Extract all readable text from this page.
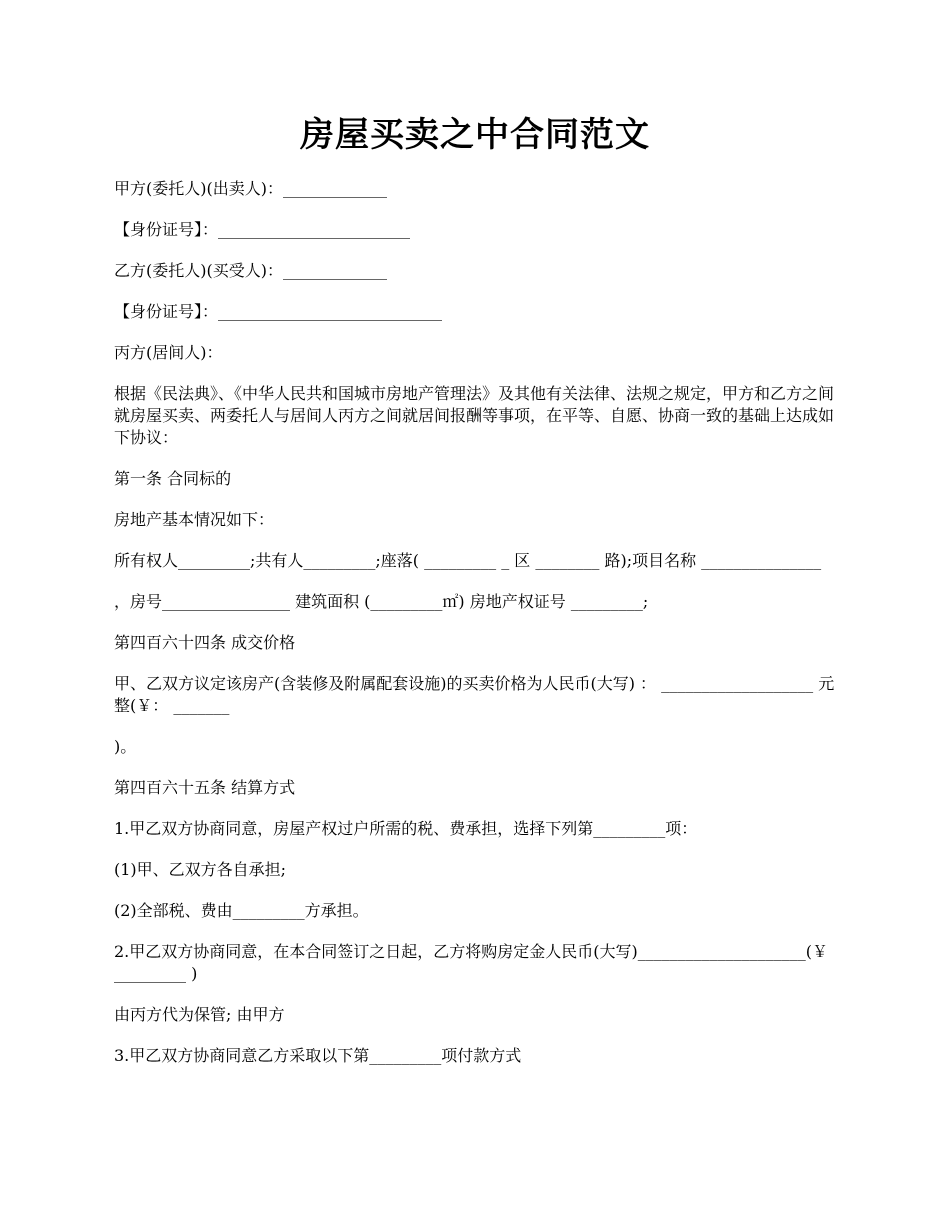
房屋买卖之中合同范文

甲方(委托人)(出卖人)：_____________

【身份证号】：________________________

乙方(委托人)(买受人)：_____________

【身份证号】：____________________________

丙方(居间人)：

根据《民法典》、《中华人民共和国城市房地产管理法》及其他有关法律、法规之规定，甲方和乙方之间就房屋买卖、两委托人与居间人丙方之间就居间报酬等事项，在平等、自愿、协商一致的基础上达成如下协议：

第一条 合同标的

房地产基本情况如下：

所有权人_________;共有人_________;座落( _________ _ 区 ________ 路);项目名称 _______________

，房号________________ 建筑面积 (_________㎡) 房地产权证号 _________;

第四百六十四条 成交价格

甲、乙双方议定该房产(含装修及附属配套设施)的买卖价格为人民币(大写) ： ___________________ 元整(￥： _______

)。

第四百六十五条 结算方式

1.甲乙双方协商同意，房屋产权过户所需的税、费承担，选择下列第_________项：

(1)甲、乙双方各自承担;

(2)全部税、费由_________方承担。

2.甲乙双方协商同意，在本合同签订之日起，乙方将购房定金人民币(大写)_____________________(￥ _________ )

由丙方代为保管; 由甲方

3.甲乙双方协商同意乙方采取以下第_________项付款方式
